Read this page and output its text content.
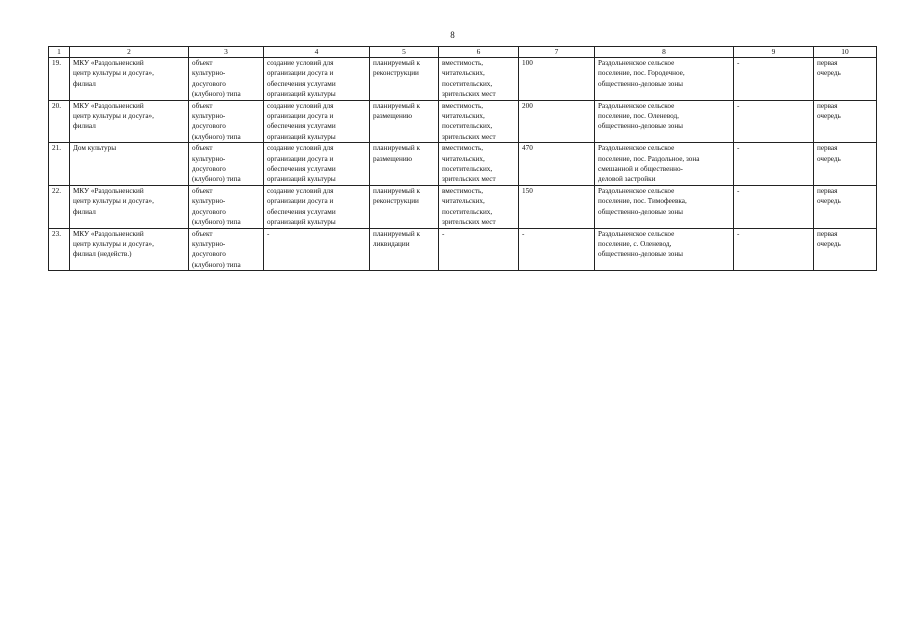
8
1	2	3	4	5	6	7	8	9	10
19.	МКУ «Раздольненский
центр культуры и досуга»,
филиал	объект
культурно-
досугового
(клубного) типа	создание условий для
организации досуга и
обеспечения услугами
организаций культуры	планируемый к
реконструкции	вместимость,
читательских,
посетительских,
зрительских мест	100	Раздольненское сельское
поселение, пос. Городечное,
общественно-деловые зоны	-	первая
очередь

20.	МКУ «Раздольненский
центр культуры и досуга»,
филиал	объект
культурно-
досугового
(клубного) типа	создание условий для
организации досуга и
обеспечения услугами
организаций культуры	планируемый к
размещению	вместимость,
читательских,
посетительских,
зрительских мест	200	Раздольненское сельское
поселение, пос. Оленевод,
общественно-деловые зоны	-	первая
очередь

21.	Дом культуры	объект
культурно-
досугового
(клубного) типа	создание условий для
организации досуга и
обеспечения услугами
организаций культуры	планируемый к
размещению	вместимость,
читательских,
посетительских,
зрительских мест	470	Раздольненское сельское
поселение, пос. Раздольное, зона
смешанной и общественно-
деловой застройки	-	первая
очередь

22.	МКУ «Раздольненский
центр культуры и досуга»,
филиал	объект
культурно-
досугового
(клубного) типа	создание условий для
организации досуга и
обеспечения услугами
организаций культуры	планируемый к
реконструкции	вместимость,
читательских,
посетительских,
зрительских мест	150	Раздольненское сельское
поселение, пос. Тимофеевка,
общественно-деловые зоны	-	первая
очередь

23.	МКУ «Раздольненский
центр культуры и досуга»,
филиал (недейств.)	объект
культурно-
досугового
(клубного) типа	-	планируемый к
ликвидации	-	-	Раздольненское сельское
поселение, с. Оленевод,
общественно-деловые зоны	-	первая
очередь
